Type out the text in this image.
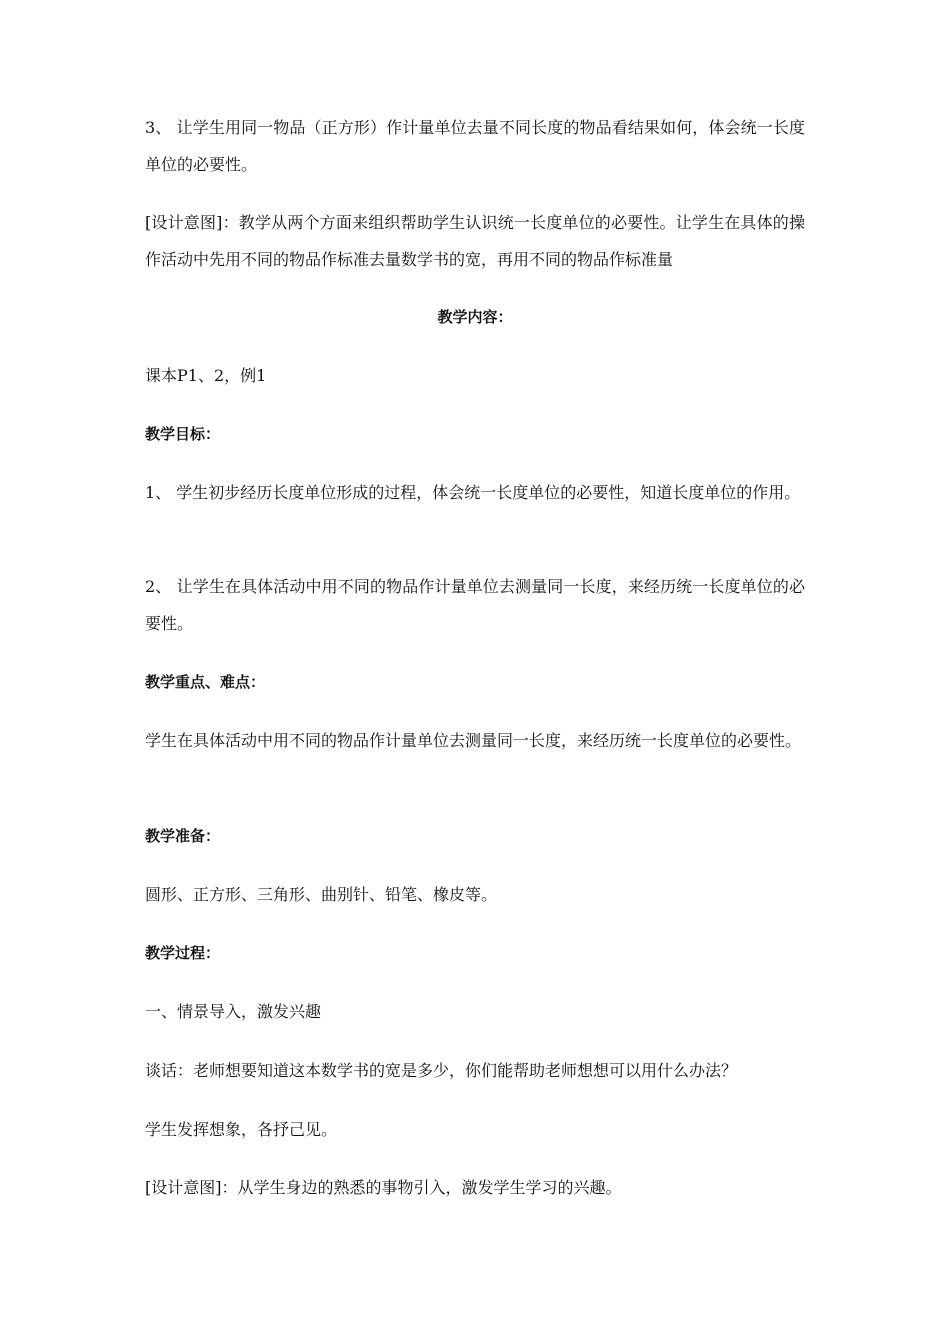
3、 让学生用同一物品（正方形）作计量单位去量不同长度的物品看结果如何，体会统一长度单位的必要性。

[设计意图]：教学从两个方面来组织帮助学生认识统一长度单位的必要性。让学生在具体的操作活动中先用不同的物品作标准去量数学书的宽，再用不同的物品作标准量

教学内容：

课本P1、2，例1

教学目标：

1、 学生初步经历长度单位形成的过程，体会统一长度单位的必要性，知道长度单位的作用。

2、 让学生在具体活动中用不同的物品作计量单位去测量同一长度，来经历统一长度单位的必要性。

教学重点、难点：

学生在具体活动中用不同的物品作计量单位去测量同一长度，来经历统一长度单位的必要性。

教学准备：

圆形、正方形、三角形、曲别针、铅笔、橡皮等。

教学过程：

一、情景导入，激发兴趣

谈话：老师想要知道这本数学书的宽是多少，你们能帮助老师想想可以用什么办法？

学生发挥想象，各抒己见。

[设计意图]：从学生身边的熟悉的事物引入，激发学生学习的兴趣。
